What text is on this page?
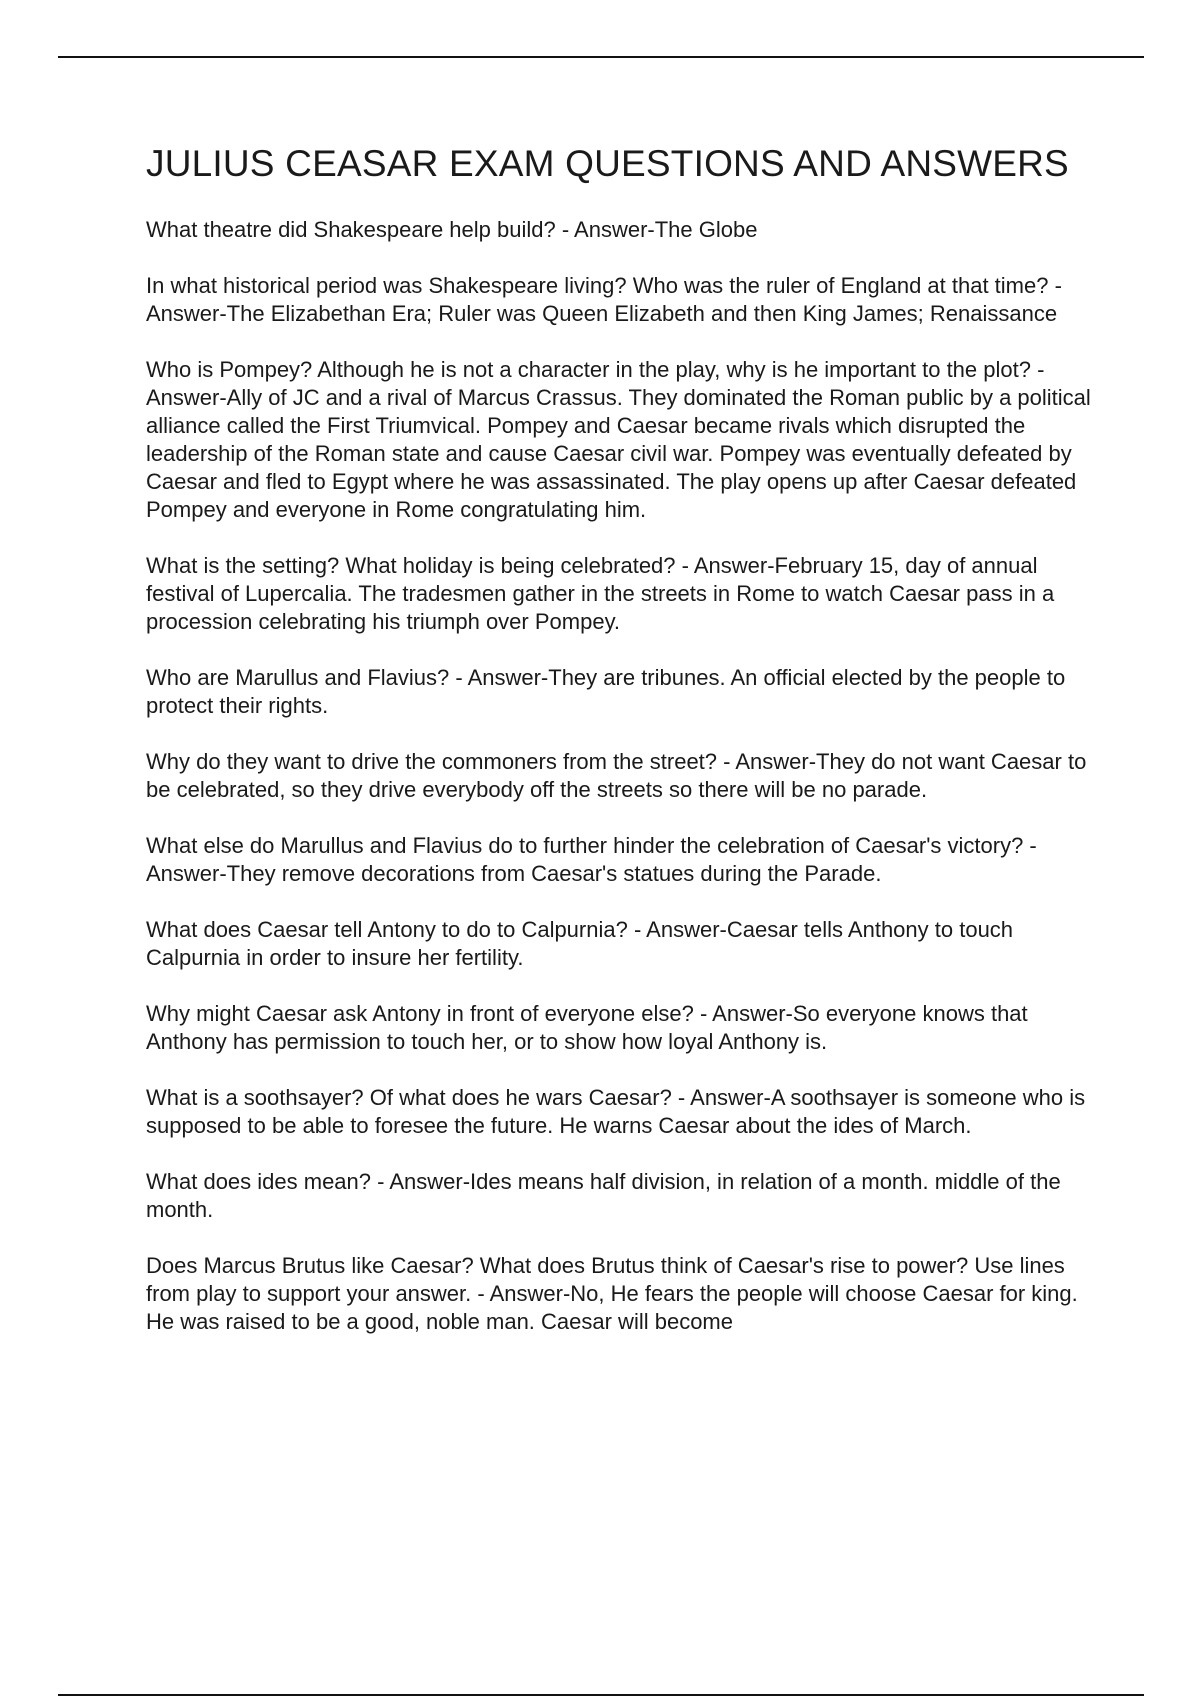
JULIUS CEASAR EXAM QUESTIONS AND ANSWERS

What theatre did Shakespeare help build? - Answer-The Globe

In what historical period was Shakespeare living? Who was the ruler of England at that time? - Answer-The Elizabethan Era; Ruler was Queen Elizabeth and then King James; Renaissance

Who is Pompey? Although he is not a character in the play, why is he important to the plot? - Answer-Ally of JC and a rival of Marcus Crassus. They dominated the Roman public by a political alliance called the First Triumvical. Pompey and Caesar became rivals which disrupted the leadership of the Roman state and cause Caesar civil war. Pompey was eventually defeated by Caesar and fled to Egypt where he was assassinated. The play opens up after Caesar defeated Pompey and everyone in Rome congratulating him.

What is the setting? What holiday is being celebrated? - Answer-February 15, day of annual festival of Lupercalia. The tradesmen gather in the streets in Rome to watch Caesar pass in a procession celebrating his triumph over Pompey.

Who are Marullus and Flavius? - Answer-They are tribunes. An official elected by the people to protect their rights.

Why do they want to drive the commoners from the street? - Answer-They do not want Caesar to be celebrated, so they drive everybody off the streets so there will be no parade.

What else do Marullus and Flavius do to further hinder the celebration of Caesar's victory? - Answer-They remove decorations from Caesar's statues during the Parade.

What does Caesar tell Antony to do to Calpurnia? - Answer-Caesar tells Anthony to touch Calpurnia in order to insure her fertility.

Why might Caesar ask Antony in front of everyone else? - Answer-So everyone knows that Anthony has permission to touch her, or to show how loyal Anthony is.

What is a soothsayer? Of what does he wars Caesar? - Answer-A soothsayer is someone who is supposed to be able to foresee the future. He warns Caesar about the ides of March.

What does ides mean? - Answer-Ides means half division, in relation of a month. middle of the month.

Does Marcus Brutus like Caesar? What does Brutus think of Caesar's rise to power? Use lines from play to support your answer. - Answer-No, He fears the people will choose Caesar for king. He was raised to be a good, noble man. Caesar will become
